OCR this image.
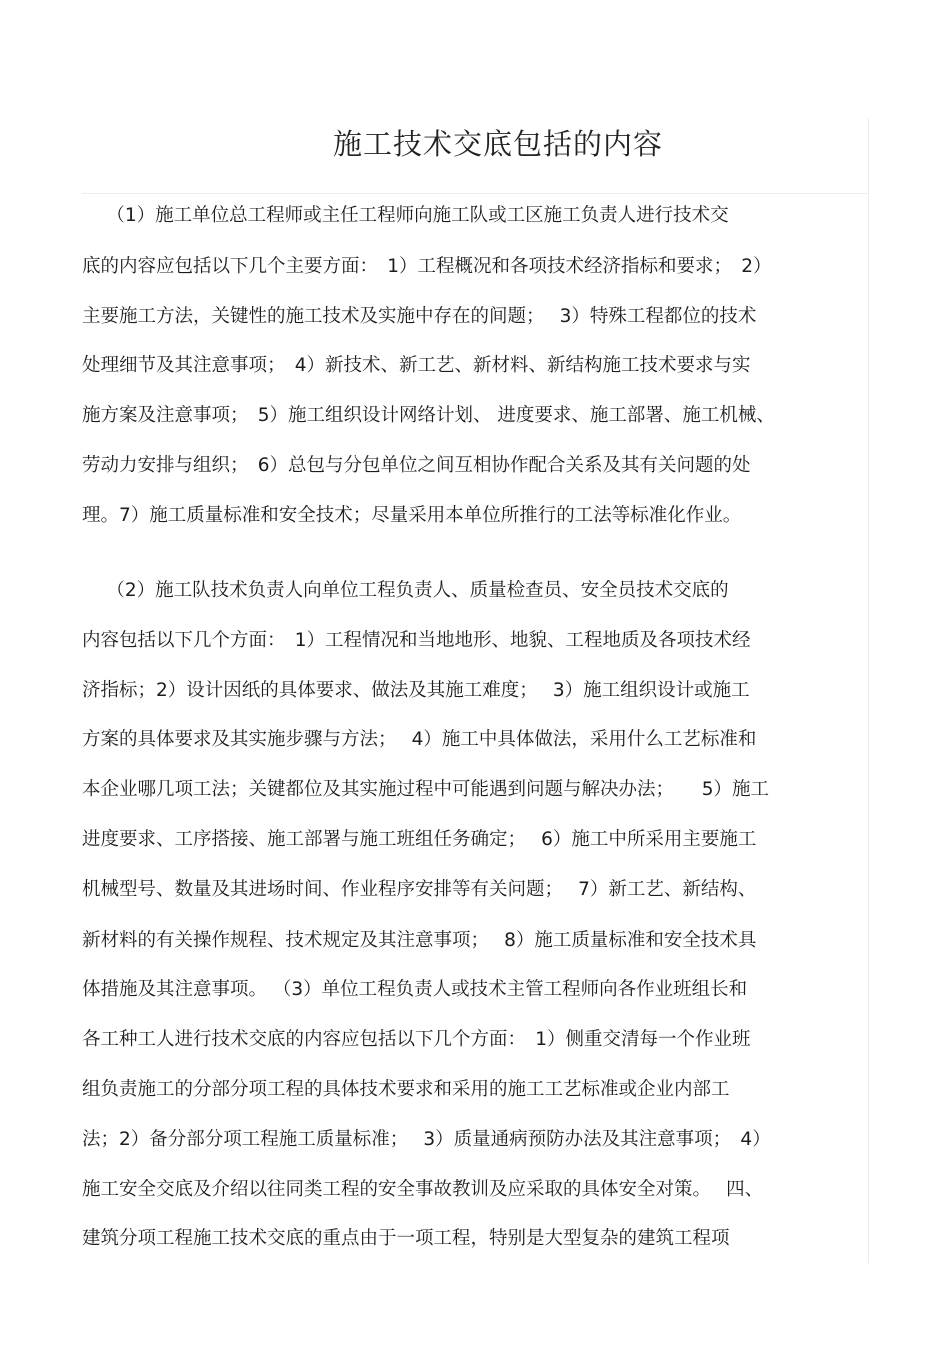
施工技术交底包括的内容
　 （1）施工单位总工程师或主任工程师向施工队或工区施工负责人进行技术交
底的内容应包括以下几个主要方面：　1）工程概况和各项技术经济指标和要求；　2）
主要施工方法，关键性的施工技术及实施中存在的间题；　 3）特殊工程都位的技术
处理细节及其注意事项；　4）新技术、新工艺、新材料、新结构施工技术要求与实
施方案及注意事项；　5）施工组织设计网络计划、 进度要求、施工部署、施工机械、
劳动力安排与组织；　6）总包与分包单位之间互相协作配合关系及其有关问题的处
理。7）施工质量标准和安全技术；尽量采用本单位所推行的工法等标准化作业。
　 （2）施工队技术负责人向单位工程负责人、质量检查员、安全员技术交底的
内容包括以下几个方面：　1）工程情况和当地地形、地貌、工程地质及各项技术经
济指标；2）设计因纸的具体要求、做法及其施工难度；　 3）施工组织设计或施工
方案的具体要求及其实施步骤与方法；　 4）施工中具体做法，采用什么工艺标准和
本企业哪几项工法；关键都位及其实施过程中可能遇到问题与解决办法；　　5）施工
进度要求、工序搭接、施工部署与施工班组任务确定；　 6）施工中所采用主要施工
机械型号、数量及其进场时间、作业程序安排等有关问题；　 7）新工艺、新结构、
新材料的有关操作规程、技术规定及其注意事项；　 8）施工质量标准和安全技术具
体措施及其注意事项。 （3）单位工程负责人或技术主管工程师向各作业班组长和
各工种工人进行技术交底的内容应包括以下几个方面：　1）侧重交清每一个作业班
组负责施工的分部分项工程的具体技术要求和采用的施工工艺标准或企业内部工
法；2）备分部分项工程施工质量标准；　 3）质量通病预防办法及其注意事项；　4）
施工安全交底及介绍以往同类工程的安全事故教训及应采取的具体安全对策。　 四、
建筑分项工程施工技术交底的重点由于一项工程，特别是大型复杂的建筑工程项
